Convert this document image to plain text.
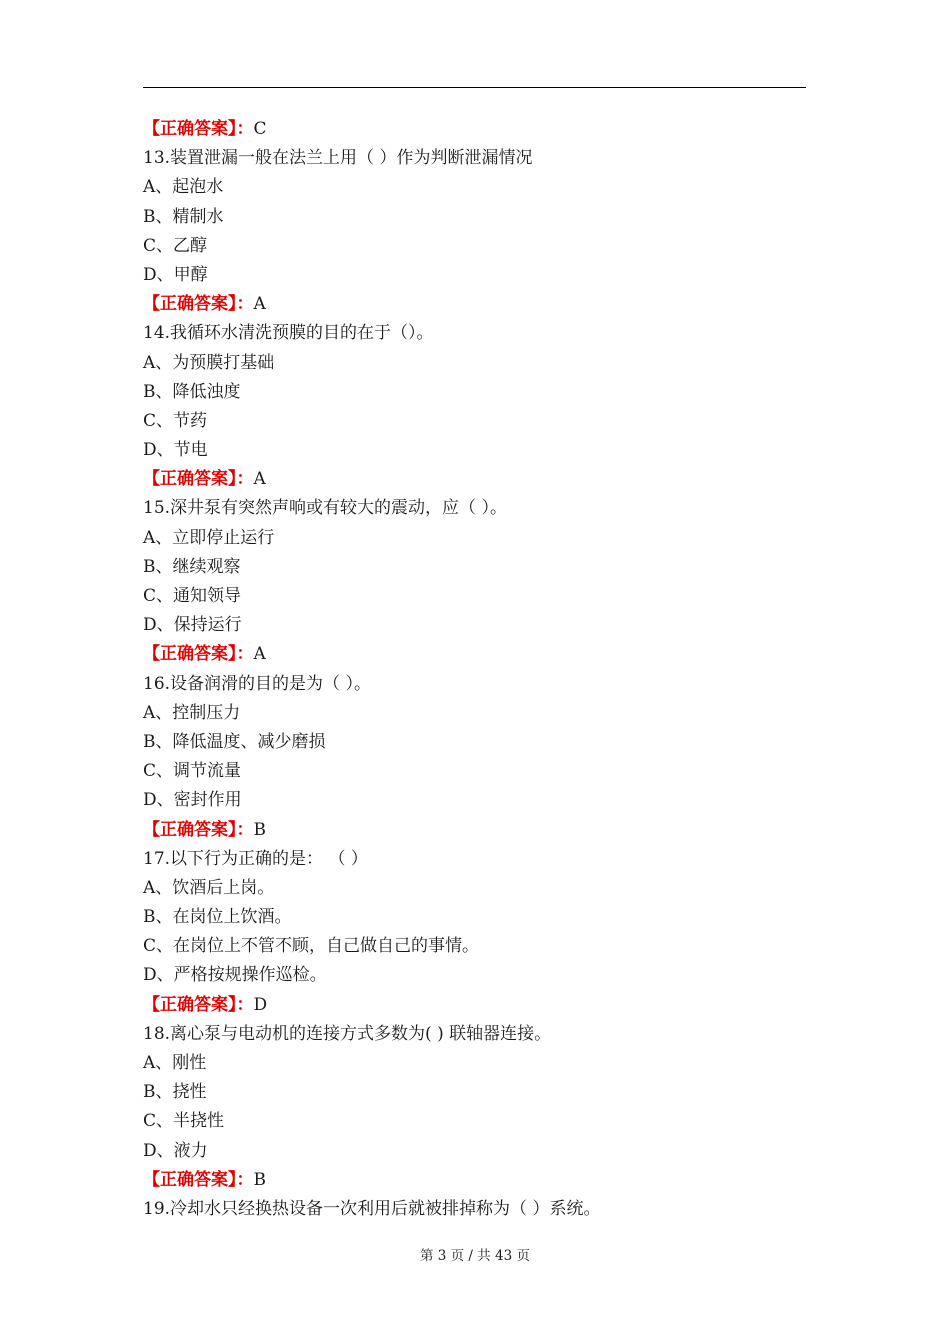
【正确答案】：C
13.装置泄漏一般在法兰上用（ ）作为判断泄漏情况
A、起泡水
B、精制水
C、乙醇
D、甲醇
【正确答案】：A
14.我循环水清洗预膜的目的在于（）。
A、为预膜打基础
B、降低浊度
C、节药
D、节电
【正确答案】：A
15.深井泵有突然声响或有较大的震动，应（ ）。
A、立即停止运行
B、继续观察
C、通知领导
D、保持运行
【正确答案】：A
16.设备润滑的目的是为（ ）。
A、控制压力
B、降低温度、减少磨损
C、调节流量
D、密封作用
【正确答案】：B
17.以下行为正确的是： （ ）
A、饮酒后上岗。
B、在岗位上饮酒。
C、在岗位上不管不顾，自己做自己的事情。
D、严格按规操作巡检。
【正确答案】：D
18.离心泵与电动机的连接方式多数为( ) 联轴器连接。
A、刚性
B、挠性
C、半挠性
D、液力
【正确答案】：B
19.冷却水只经换热设备一次利用后就被排掉称为（ ）系统。
第 3 页 / 共 43 页
